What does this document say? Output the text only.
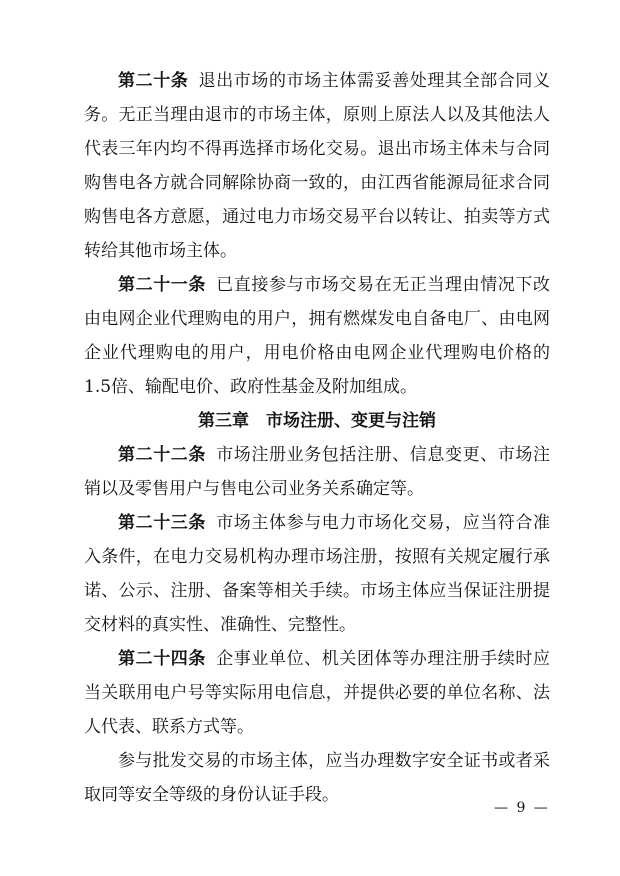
第二十条 退出市场的市场主体需妥善处理其全部合同义务。无正当理由退市的市场主体，原则上原法人以及其他法人代表三年内均不得再选择市场化交易。退出市场主体未与合同购售电各方就合同解除协商一致的，由江西省能源局征求合同购售电各方意愿，通过电力市场交易平台以转让、拍卖等方式转给其他市场主体。

第二十一条 已直接参与市场交易在无正当理由情况下改由电网企业代理购电的用户，拥有燃煤发电自备电厂、由电网企业代理购电的用户，用电价格由电网企业代理购电价格的1.5倍、输配电价、政府性基金及附加组成。

第三章　市场注册、变更与注销

第二十二条 市场注册业务包括注册、信息变更、市场注销以及零售用户与售电公司业务关系确定等。

第二十三条 市场主体参与电力市场化交易，应当符合准入条件，在电力交易机构办理市场注册，按照有关规定履行承诺、公示、注册、备案等相关手续。市场主体应当保证注册提交材料的真实性、准确性、完整性。

第二十四条 企事业单位、机关团体等办理注册手续时应当关联用电户号等实际用电信息，并提供必要的单位名称、法人代表、联系方式等。

参与批发交易的市场主体，应当办理数字安全证书或者采取同等安全等级的身份认证手段。

— 9 —
